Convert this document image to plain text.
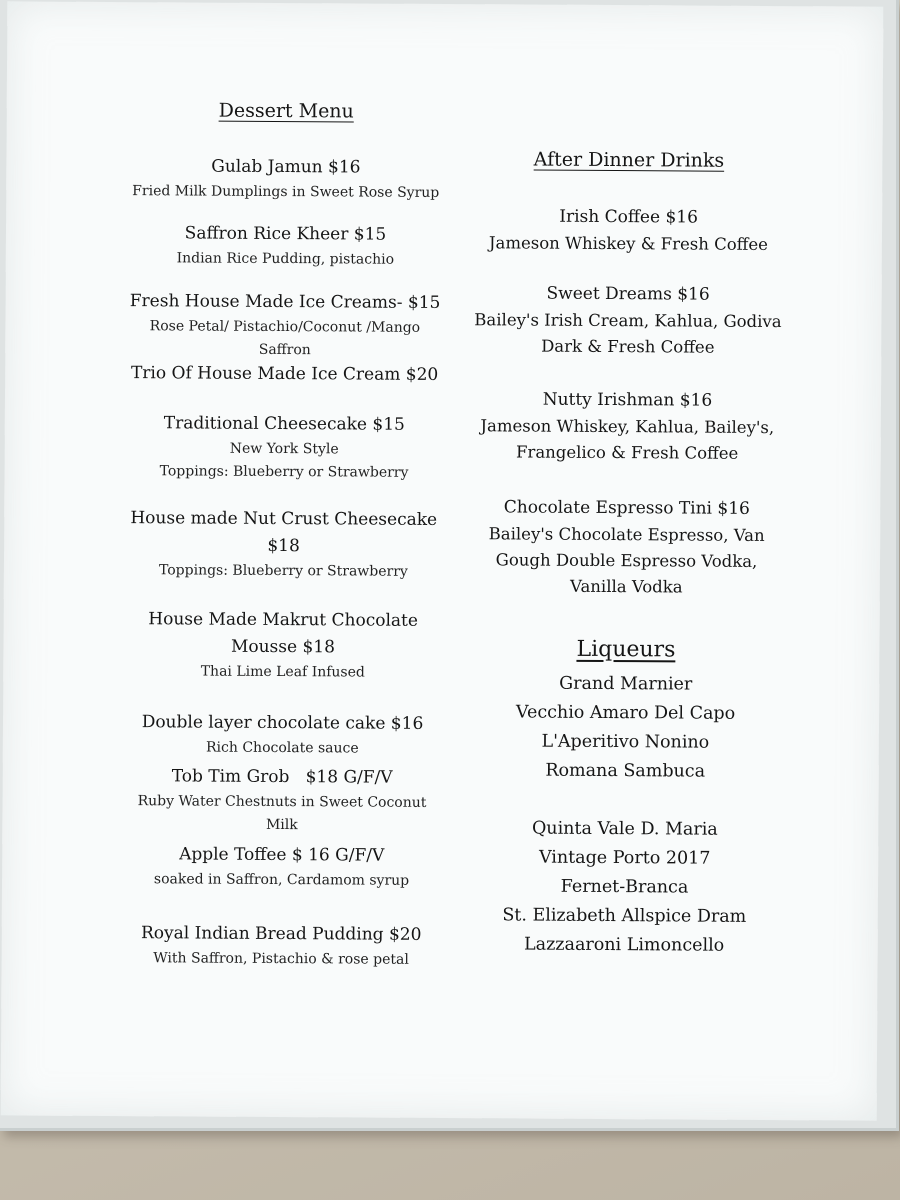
Dessert Menu
Gulab Jamun $16
Fried Milk Dumplings in Sweet Rose Syrup
Saffron Rice Kheer $15
Indian Rice Pudding, pistachio
Fresh House Made Ice Creams- $15
Rose Petal/ Pistachio/Coconut /Mango
Saffron
Trio Of House Made Ice Cream $20
Traditional Cheesecake $15
New York Style
Toppings: Blueberry or Strawberry
House made Nut Crust Cheesecake
$18
Toppings: Blueberry or Strawberry
House Made Makrut Chocolate
Mousse $18
Thai Lime Leaf Infused
Double layer chocolate cake $16
Rich Chocolate sauce
Tob Tim Grob   $18 G/F/V
Ruby Water Chestnuts in Sweet Coconut
Milk
Apple Toffee $ 16 G/F/V
soaked in Saffron, Cardamom syrup
Royal Indian Bread Pudding $20
With Saffron, Pistachio & rose petal
After Dinner Drinks
Irish Coffee $16
Jameson Whiskey & Fresh Coffee
Sweet Dreams $16
Bailey's Irish Cream, Kahlua, Godiva
Dark & Fresh Coffee
Nutty Irishman $16
Jameson Whiskey, Kahlua, Bailey's,
Frangelico & Fresh Coffee
Chocolate Espresso Tini $16
Bailey's Chocolate Espresso, Van
Gough Double Espresso Vodka,
Vanilla Vodka
Liqueurs
Grand Marnier
Vecchio Amaro Del Capo
L'Aperitivo Nonino
Romana Sambuca
Quinta Vale D. Maria
Vintage Porto 2017
Fernet-Branca
St. Elizabeth Allspice Dram
Lazzaaroni Limoncello
